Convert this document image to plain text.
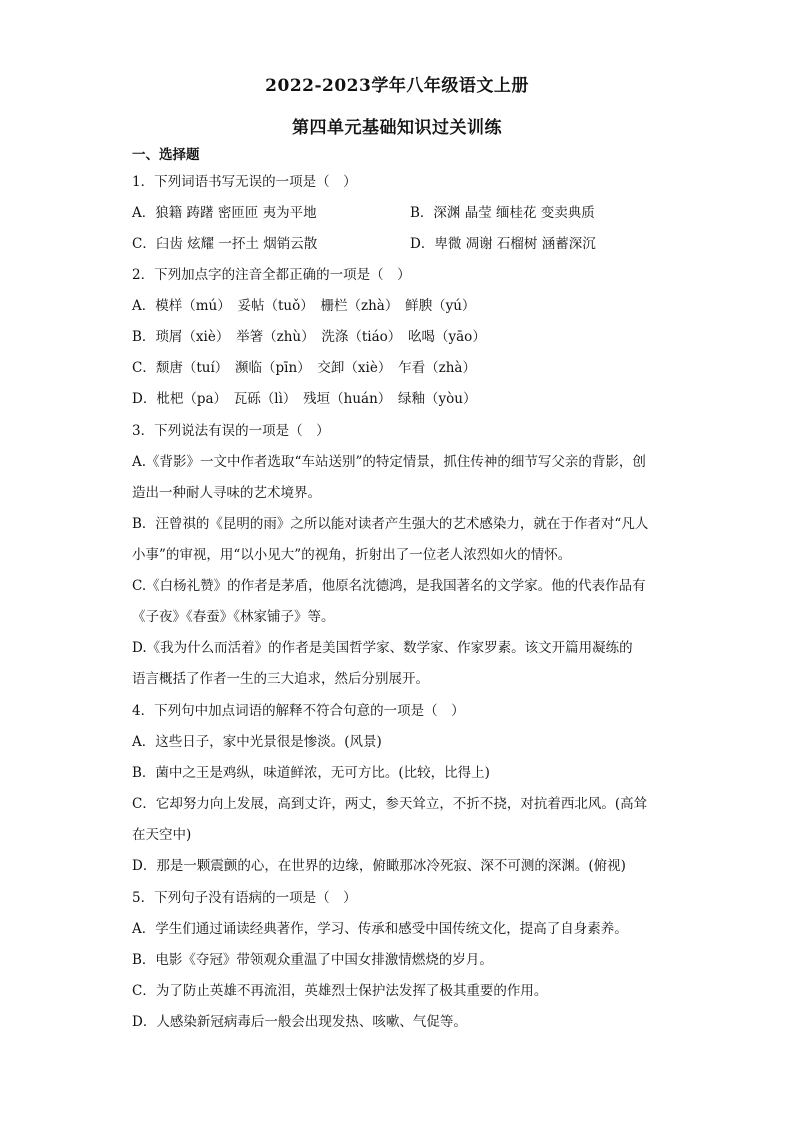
2022-2023学年八年级语文上册
第四单元基础知识过关训练
一、选择题
1．下列词语书写无误的一项是（　）
A．狼籍 踌躇 密匝匝 夷为平地	B．深渊 晶莹 缅桂花 变卖典质
C．臼齿 炫耀 一抔土 烟销云散	D．卑微 凋谢 石榴树 涵蓄深沉
2．下列加点字的注音全都正确的一项是（　）
A．模样（mú）　妥帖（tuǒ）　栅栏（zhà）　鲜腴（yú）
B．琐屑（xiè）　举箸（zhù）　洗涤（tiáo）　吆喝（yāo）
C．颓唐（tuí）　濒临（pīn）　交卸（xiè）　乍看（zhà）
D．枇杷（pa）　瓦砾（lì）　残垣（huán）　绿釉（yòu）
3．下列说法有误的一项是（　）
A.《背影》一文中作者选取“车站送别”的特定情景，抓住传神的细节写父亲的背影，创
造出一种耐人寻味的艺术境界。
B．汪曾祺的《昆明的雨》之所以能对读者产生强大的艺术感染力，就在于作者对“凡人
小事”的审视，用“以小见大”的视角，折射出了一位老人浓烈如火的情怀。
C.《白杨礼赞》的作者是茅盾，他原名沈德鸿，是我国著名的文学家。他的代表作品有
《子夜》《春蚕》《林家铺子》等。
D.《我为什么而活着》的作者是美国哲学家、数学家、作家罗素。该文开篇用凝练的
语言概括了作者一生的三大追求，然后分别展开。
4．下列句中加点词语的解释不符合句意的一项是（　）
A．这些日子，家中光景很是惨淡。(风景)
B．菌中之王是鸡纵，味道鲜浓，无可方比。(比较，比得上)
C．它却努力向上发展，高到丈许，两丈，参天耸立，不折不挠，对抗着西北风。(高耸
在天空中)
D．那是一颗震颤的心，在世界的边缘，俯瞰那冰冷死寂、深不可测的深渊。(俯视)
5．下列句子没有语病的一项是（　）
A．学生们通过诵读经典著作，学习、传承和感受中国传统文化，提高了自身素养。
B．电影《夺冠》带领观众重温了中国女排激情燃烧的岁月。
C．为了防止英雄不再流泪，英雄烈士保护法发挥了极其重要的作用。
D．人感染新冠病毒后一般会出现发热、咳嗽、气促等。
